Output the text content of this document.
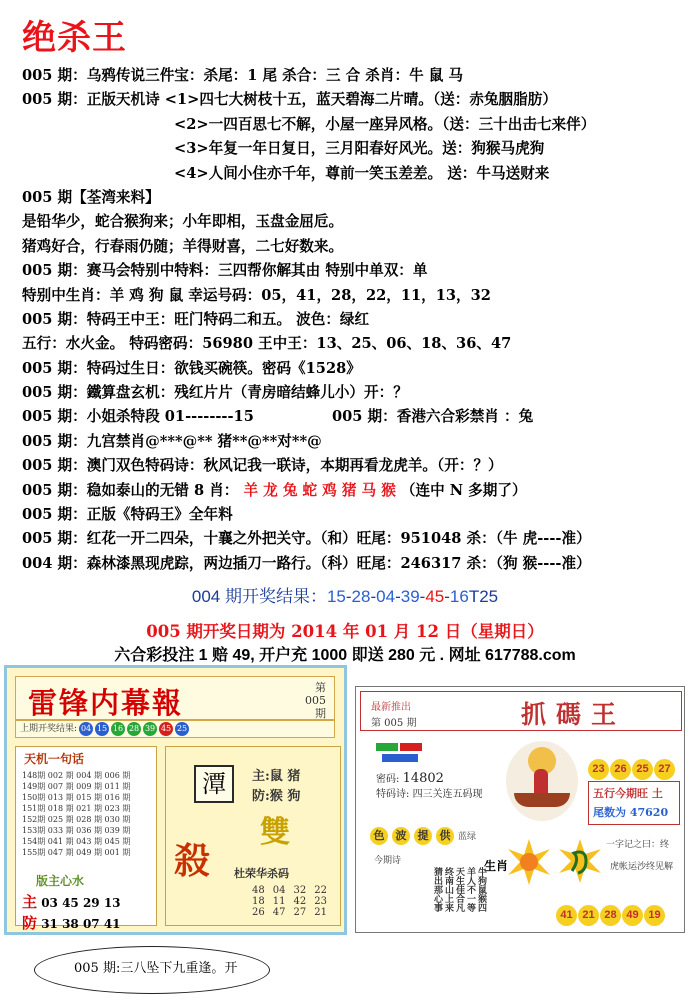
绝杀王
005 期：乌鸦传说三件宝：杀尾：1 尾 杀合：三 合 杀肖：牛 鼠 马
005 期：正版天机诗 <1>四七大树枝十五，蓝天碧海二片晴。（送：赤兔胭脂肪）
<2>一四百思七不解，小屋一座异风格。（送：三十出击七来伴）
<3>年复一年日复日，三月阳春好风光。送：狗猴马虎狗
<4>人间小住亦千年，尊前一笑玉差差。 送：牛马送财来
005 期【荃湾来料】
是铅华少，蛇合猴狗来；小年即相，玉盘金屈卮。
猪鸡好合，行春雨仍随；羊得财喜，二七好数来。
005 期：赛马会特别中特料：三四帮你解其由 特别中单双：单
特别中生肖：羊 鸡 狗 鼠 幸运号码：05，41，28，22，11，13，32
005 期：特码王中王：旺门特码二和五。 波色：绿红
五行：水火金。 特码密码：56980 王中王：13、25、06、18、36、47
005 期：特码过生日：欲钱买碗筷。密码《1528》
005 期：鐵算盘玄机：残红片片（青房暗结蜂儿小）开：？
005 期：小姐杀特段 01--------15	005 期：香港六合彩禁肖 ：兔
005 期：九宫禁肖@***@** 猪**@**对**@
005 期：澳门双色特码诗：秋风记我一联诗，本期再看龙虎羊。（开：？）
005 期：稳如泰山的无错 8 肖： 羊 龙 兔 蛇 鸡 猪 马 猴 （连中 N 多期了）
005 期：正版《特码王》全年料
005 期：红花一开二四朵，十襄之外把关守。（和）旺尾：951048 杀：（牛 虎----准）
004 期：森林漆黑现虎踪，两边插刀一路行。（科）旺尾：246317 杀：（狗 猴----准）
004 期开奖结果：15-28-04-39-45-16T25
005 期开奖日期为 2014 年 01 月 12 日（星期日）
六合彩投注 1 赔 49, 开户充 1000 即送 280 元 . 网址 617788.com
雷锋内幕報	第
005
期
上期开奖结果: 04 15 16 28 39 45 25
天机一句话
148期 002 期 004 期 006 期
149期 007 期 009 期 011 期
150期 013 期 015 期 016 期
151期 018 期 021 期 023 期
152期 025 期 028 期 030 期
153期 033 期 036 期 039 期
154期 041 期 043 期 045 期
155期 047 期 049 期 001 期
版主心水
主 03 45 29 13
防 31 38 07 41
潭	主:鼠 猪
防:猴 狗
雙
殺 杜荣华杀码
48	04	32	22
18	11	42	23
26	47	27	21
最新推出
第 005 期	抓碼王
密码: 14802
特码诗: 四三关连五码现
23 26 25 27
五行今期旺 土
尾数为 47620
色 波 提 供 蓝绿
今期诗
牛狗鼠猴四
羊人不一等
天生佳合凡
终南山上来
猜出那心事
生肖
一字记之曰：终
虎帐运沙终见解
41 21 28 49 19
005 期:三八坠下九重逢。开
